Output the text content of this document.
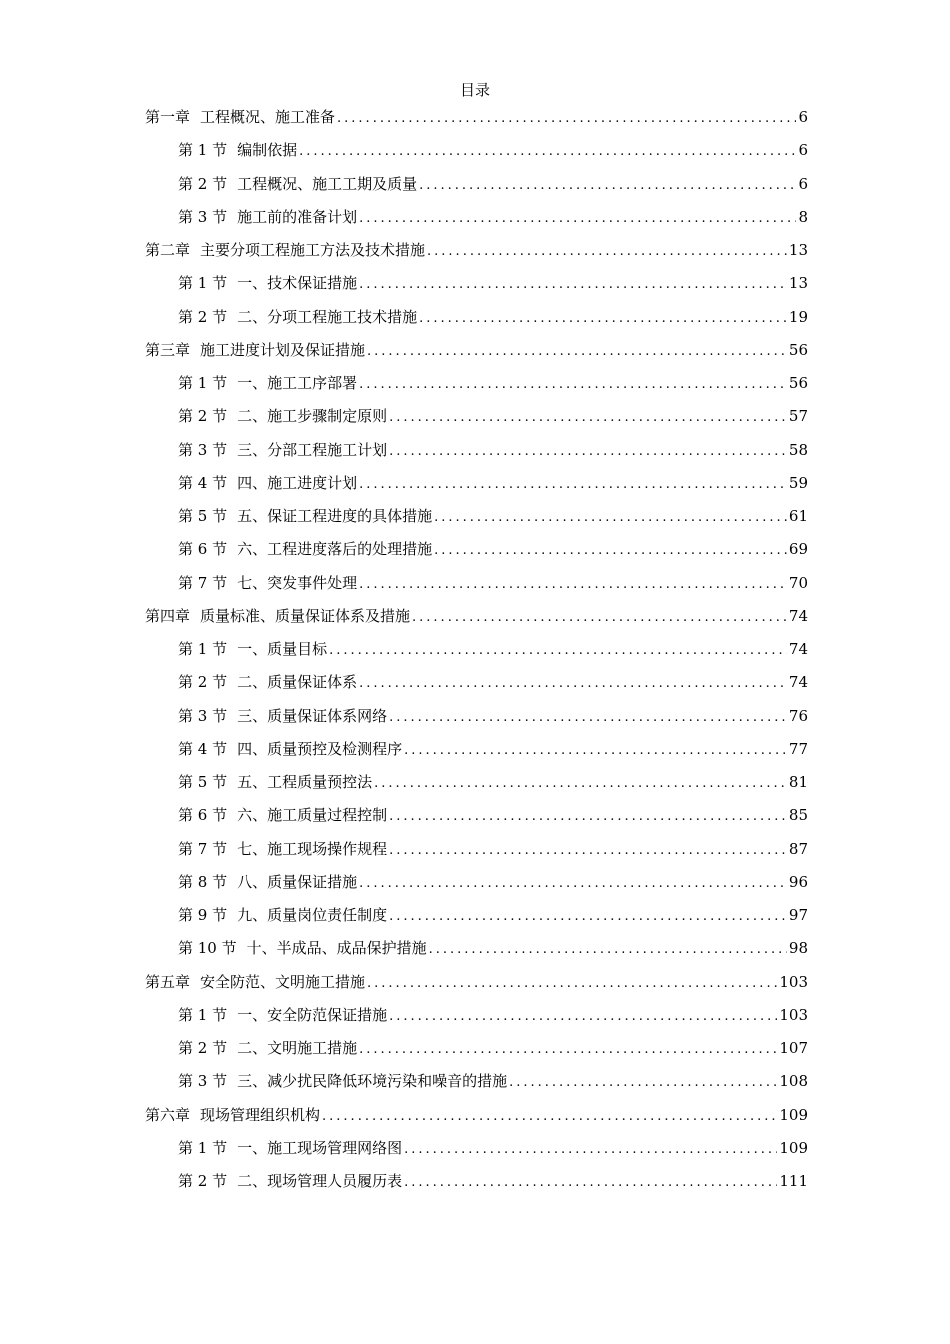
目录
第一章 工程概况、施工准备 .....	6
第 1 节 编制依据 .....	6
第 2 节 工程概况、施工工期及质量 .....	6
第 3 节 施工前的准备计划 .....	8
第二章 主要分项工程施工方法及技术措施 .....	13
第 1 节 一、技术保证措施 .....	13
第 2 节 二、分项工程施工技术措施 .....	19
第三章 施工进度计划及保证措施 .....	56
第 1 节 一、施工工序部署 .....	56
第 2 节 二、施工步骤制定原则 .....	57
第 3 节 三、分部工程施工计划 .....	58
第 4 节 四、施工进度计划 .....	59
第 5 节 五、保证工程进度的具体措施 .....	61
第 6 节 六、工程进度落后的处理措施 .....	69
第 7 节 七、突发事件处理 .....	70
第四章 质量标准、质量保证体系及措施 .....	74
第 1 节 一、质量目标 .....	74
第 2 节 二、质量保证体系 .....	74
第 3 节 三、质量保证体系网络 .....	76
第 4 节 四、质量预控及检测程序 .....	77
第 5 节 五、工程质量预控法 .....	81
第 6 节 六、施工质量过程控制 .....	85
第 7 节 七、施工现场操作规程 .....	87
第 8 节 八、质量保证措施 .....	96
第 9 节 九、质量岗位责任制度 .....	97
第 10 节 十、半成品、成品保护措施 .....	98
第五章 安全防范、文明施工措施 .....	103
第 1 节 一、安全防范保证措施 .....	103
第 2 节 二、文明施工措施 .....	107
第 3 节 三、减少扰民降低环境污染和噪音的措施 .....	108
第六章 现场管理组织机构 .....	109
第 1 节 一、施工现场管理网络图 .....	109
第 2 节 二、现场管理人员履历表 .....	111
